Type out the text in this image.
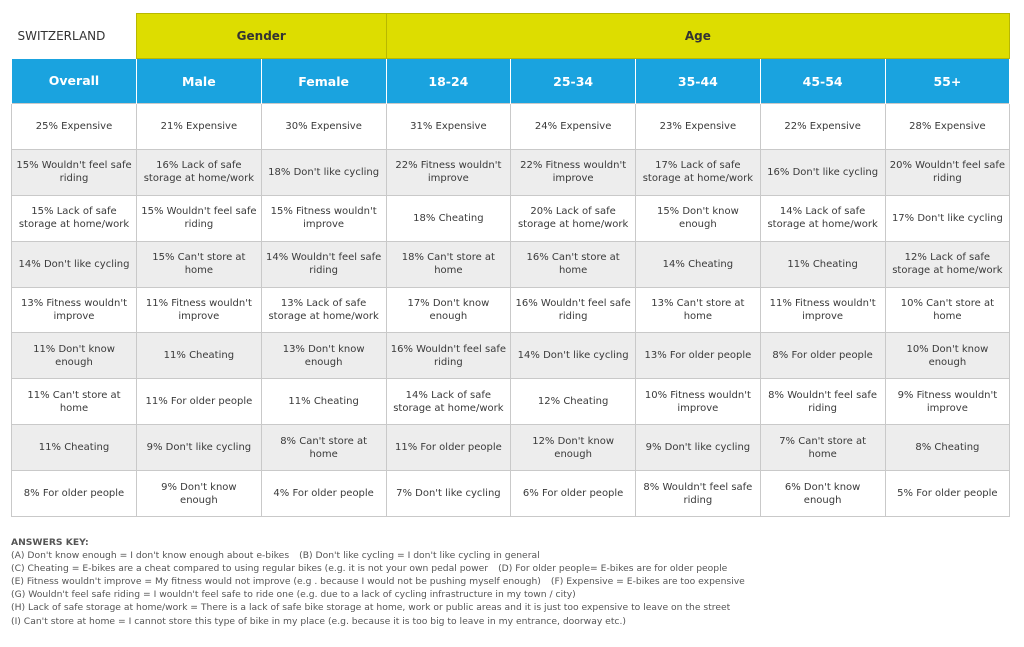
SWITZERLAND	Gender		Age				
Overall	Male	Female	18-24	25-34	35-44	45-54	55+
25% Expensive	21% Expensive	30% Expensive	31% Expensive	24% Expensive	23% Expensive	22% Expensive	28% Expensive
15% Wouldn't feel safe riding	16% Lack of safe storage at home/work	18% Don't like cycling	22% Fitness wouldn't improve	22% Fitness wouldn't improve	17% Lack of safe storage at home/work	16% Don't like cycling	20% Wouldn't feel safe riding
15% Lack of safe storage at home/work	15% Wouldn't feel safe riding	15% Fitness wouldn't improve	18% Cheating	20% Lack of safe storage at home/work	15% Don't know enough	14% Lack of safe storage at home/work	17% Don't like cycling
14% Don't like cycling	15% Can't store at home	14% Wouldn't feel safe riding	18% Can't store at home	16% Can't store at home	14% Cheating	11% Cheating	12% Lack of safe storage at home/work
13% Fitness wouldn't improve	11% Fitness wouldn't improve	13% Lack of safe storage at home/work	17% Don't know enough	16% Wouldn't feel safe riding	13% Can't store at home	11% Fitness wouldn't improve	10% Can't store at home
11% Don't know enough	11% Cheating	13% Don't know enough	16% Wouldn't feel safe riding	14% Don't like cycling	13% For older people	8% For older people	10% Don't know enough
11% Can't store at home	11% For older people	11% Cheating	14% Lack of safe storage at home/work	12% Cheating	10% Fitness wouldn't improve	8% Wouldn't feel safe riding	9% Fitness wouldn't improve
11% Cheating	9% Don't like cycling	8% Can't store at home	11% For older people	12% Don't know enough	9% Don't like cycling	7% Can't store at home	8% Cheating
8% For older people	9% Don't know enough	4% For older people	7% Don't like cycling	6% For older people	8% Wouldn't feel safe riding	6% Don't know enough	5% For older people
ANSWERS KEY:
(A) Don't know enough = I don't know enough about e-bikes (B) Don't like cycling = I don't like cycling in general
(C) Cheating = E-bikes are a cheat compared to using regular bikes (e.g. it is not your own pedal power (D) For older people= E-bikes are for older people
(E) Fitness wouldn't improve = My fitness would not improve (e.g . because I would not be pushing myself enough) (F) Expensive = E-bikes are too expensive
(G) Wouldn't feel safe riding = I wouldn't feel safe to ride one (e.g. due to a lack of cycling infrastructure in my town / city)
(H) Lack of safe storage at home/work = There is a lack of safe bike storage at home, work or public areas and it is just too expensive to leave on the street
(I) Can't store at home = I cannot store this type of bike in my place (e.g. because it is too big to leave in my entrance, doorway etc.)
